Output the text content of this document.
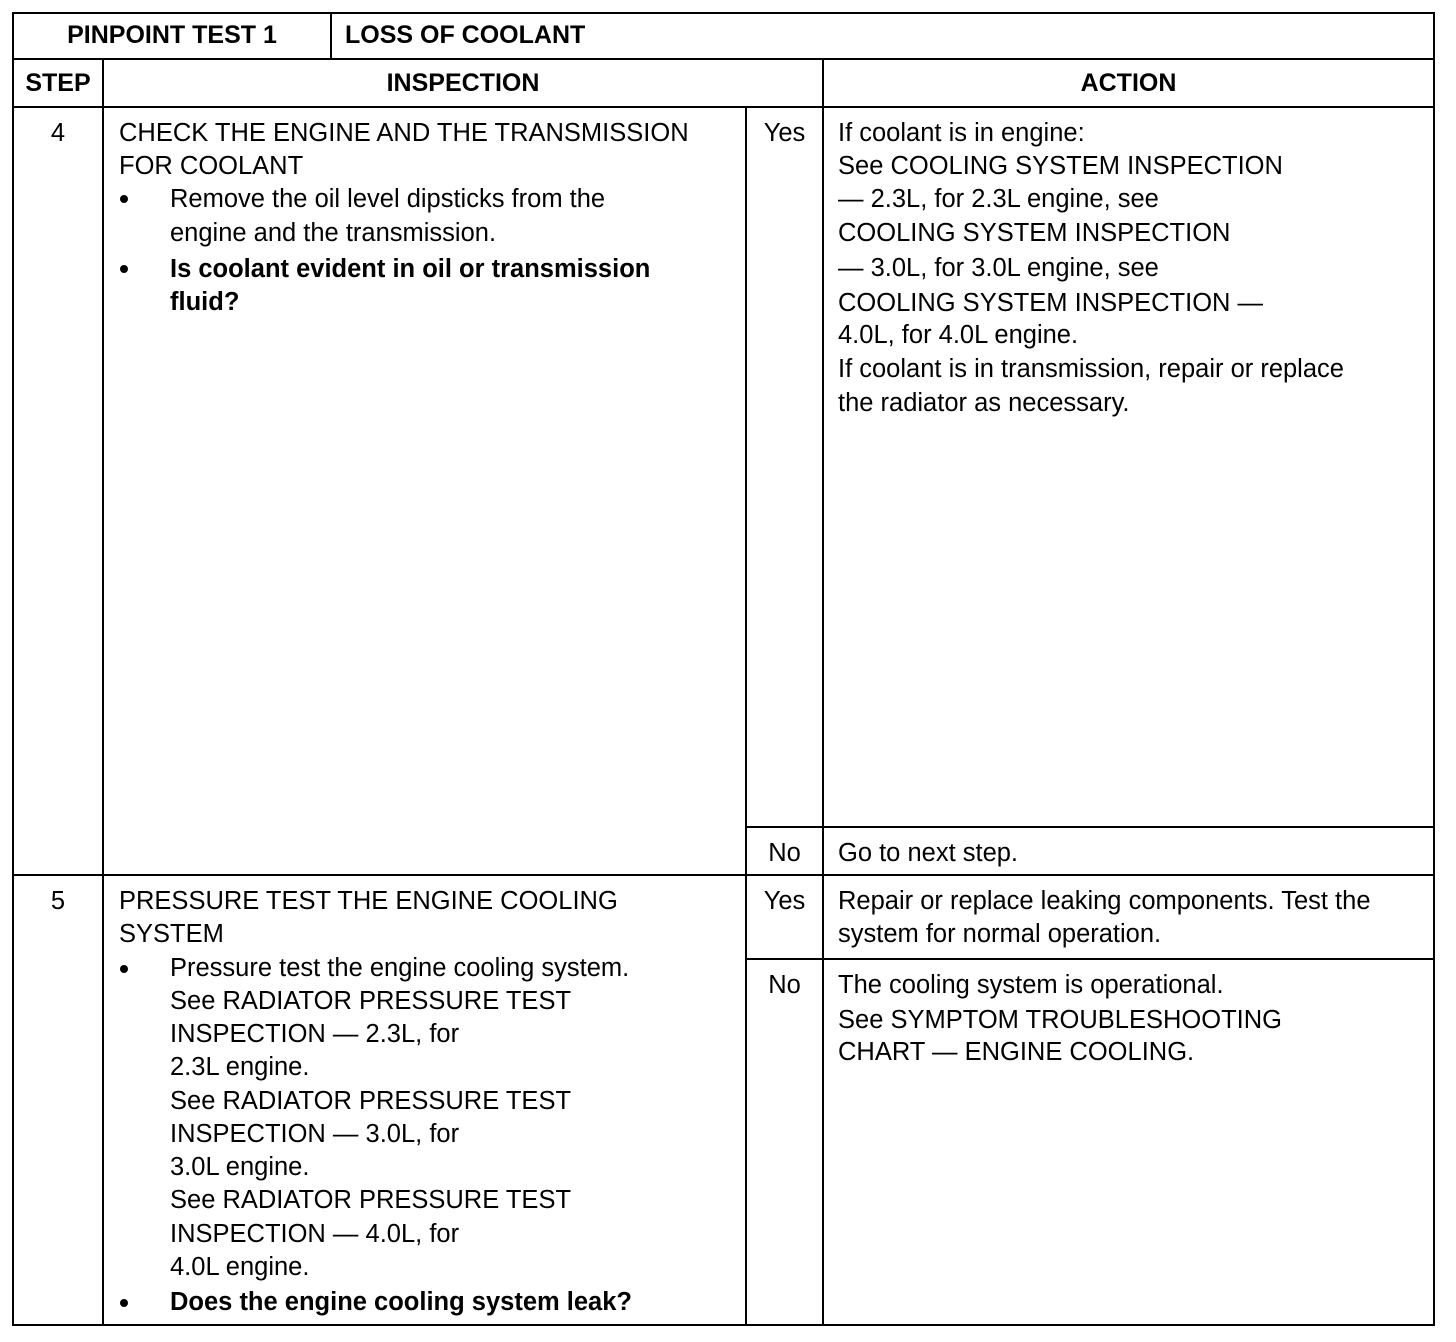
PINPOINT TEST 1	LOSS OF COOLANT
STEP	INSPECTION	ACTION
4	CHECK THE ENGINE AND THE TRANSMISSION
FOR COOLANT
Remove the oil level dipsticks from the
engine and the transmission.
Is coolant evident in oil or transmission
fluid?
Yes	If coolant is in engine:
See COOLING SYSTEM INSPECTION
— 2.3L, for 2.3L engine, see
COOLING SYSTEM INSPECTION
— 3.0L, for 3.0L engine, see
COOLING SYSTEM INSPECTION —
4.0L, for 4.0L engine.
If coolant is in transmission, repair or replace
the radiator as necessary.
No	Go to next step.
5	PRESSURE TEST THE ENGINE COOLING
SYSTEM
Pressure test the engine cooling system.
See RADIATOR PRESSURE TEST
INSPECTION — 2.3L, for
2.3L engine.
See RADIATOR PRESSURE TEST
INSPECTION — 3.0L, for
3.0L engine.
See RADIATOR PRESSURE TEST
INSPECTION — 4.0L, for
4.0L engine.
Does the engine cooling system leak?
Yes	Repair or replace leaking components. Test the
system for normal operation.
No	The cooling system is operational.
See SYMPTOM TROUBLESHOOTING
CHART — ENGINE COOLING.
